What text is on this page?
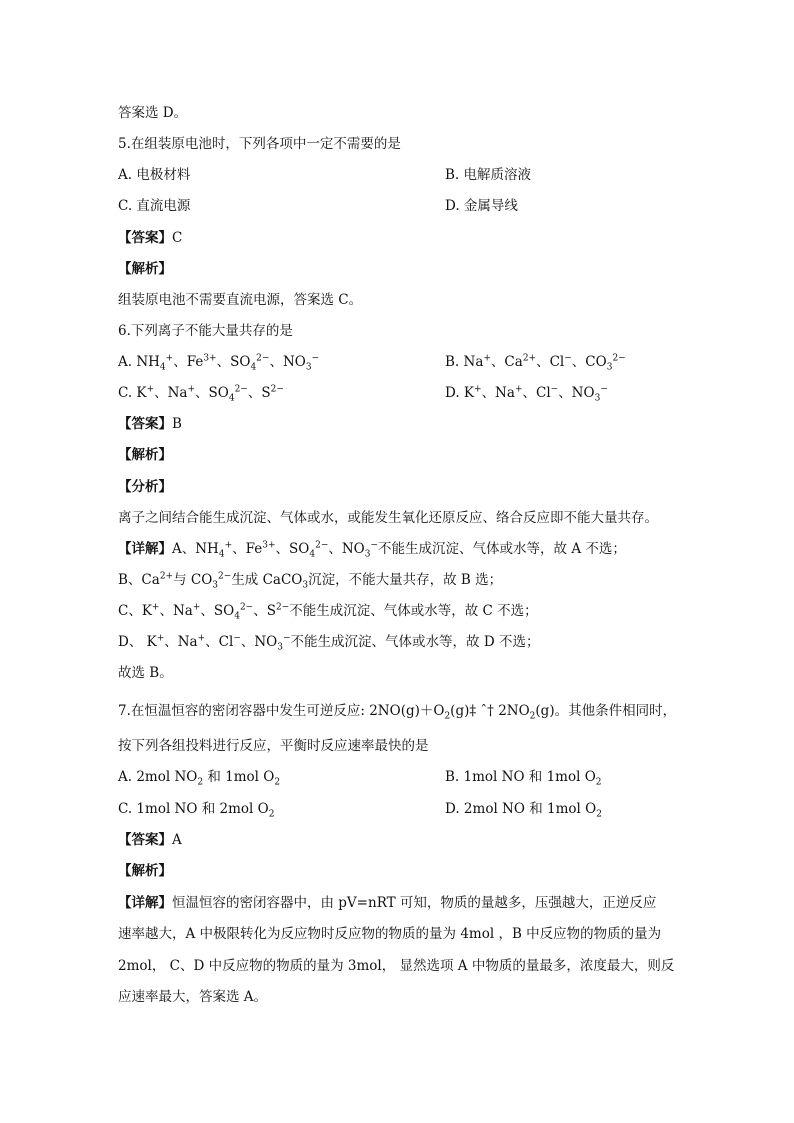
答案选 D。
5.在组装原电池时，下列各项中一定不需要的是
A. 电极材料	B. 电解质溶液
C. 直流电源	D. 金属导线
【答案】C
【解析】
组装原电池不需要直流电源，答案选 C。
6.下列离子不能大量共存的是
A. $NH_4^+$、$Fe^{3+}$、$SO_4^{2-}$、$NO_3^-$	B. Na+、$Ca^{2+}$、Cl−、$CO_3^{2-}$
C. K+、Na+、$SO_4^{2-}$、$S^{2-}$	D. K+、Na+、Cl−、$NO_3^-$
【答案】B
【解析】
【分析】
离子之间结合能生成沉淀、气体或水，或能发生氧化还原反应、络合反应即不能大量共存。
【详解】A、$NH_4^+$、$Fe^{3+}$、$SO_4^{2-}$、$NO_3^-$不能生成沉淀、气体或水等，故 A 不选；
B、$Ca^{2+}$与 $CO_3^{2-}$生成 CaCO$_3$沉淀，不能大量共存，故 B 选；
C、K+、Na+、$SO_4^{2-}$、$S^{2-}$不能生成沉淀、气体或水等，故 C 不选；
D、 K+、Na+、Cl−、$NO_3^-$不能生成沉淀、气体或水等，故 D 不选；
故选 B。
7.在恒温恒容的密闭容器中发生可逆反应: $2NO(g)+O_2(g)\ddagger$ ˆ† $2NO_2(g)$。其他条件相同时，
按下列各组投料进行反应，平衡时反应速率最快的是
A. 2mol $NO_2$ 和 1mol $O_2$	B. 1mol NO 和 1mol $O_2$
C. 1mol NO 和 2mol $O_2$	D. 2mol NO 和 1mol $O_2$
【答案】A
【解析】
【详解】恒温恒容的密闭容器中，由 pV=nRT 可知，物质的量越多，压强越大，正逆反应
速率越大，A 中极限转化为反应物时反应物的物质的量为 4mol ，B 中反应物的物质的量为
2mol， C、D 中反应物的物质的量为 3mol， 显然选项 A 中物质的量最多，浓度最大，则反
应速率最大，答案选 A。
